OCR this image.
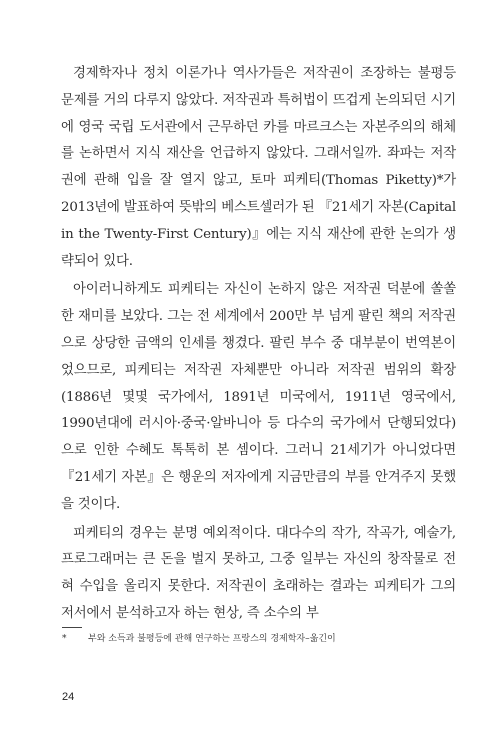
경제학자나 정치 이론가나 역사가들은 저작권이 조장하는 불평등 문제를 거의 다루지 않았다. 저작권과 특허법이 뜨겁게 논의되던 시기에 영국 국립 도서관에서 근무하던 카를 마르크스는 자본주의의 해체를 논하면서 지식 재산을 언급하지 않았다. 그래서일까. 좌파는 저작권에 관해 입을 잘 열지 않고, 토마 피케티(Thomas Piketty)*가 2013년에 발표하여 뜻밖의 베스트셀러가 된 『21세기 자본(Capital in the Twenty-First Century)』에는 지식 재산에 관한 논의가 생략되어 있다.

아이러니하게도 피케티는 자신이 논하지 않은 저작권 덕분에 쏠쏠한 재미를 보았다. 그는 전 세계에서 200만 부 넘게 팔린 책의 저작권으로 상당한 금액의 인세를 챙겼다. 팔린 부수 중 대부분이 번역본이었으므로, 피케티는 저작권 자체뿐만 아니라 저작권 범위의 확장(1886년 몇몇 국가에서, 1891년 미국에서, 1911년 영국에서, 1990년대에 러시아·중국·알바니아 등 다수의 국가에서 단행되었다)으로 인한 수혜도 톡톡히 본 셈이다. 그러니 21세기가 아니었다면 『21세기 자본』은 행운의 저자에게 지금만큼의 부를 안겨주지 못했을 것이다.

피케티의 경우는 분명 예외적이다. 대다수의 작가, 작곡가, 예술가, 프로그래머는 큰 돈을 벌지 못하고, 그중 일부는 자신의 창작물로 전혀 수입을 올리지 못한다. 저작권이 초래하는 결과는 피케티가 그의 저서에서 분석하고자 하는 현상, 즉 소수의 부

* 부와 소득과 불평등에 관해 연구하는 프랑스의 경제학자–옮긴이
24
